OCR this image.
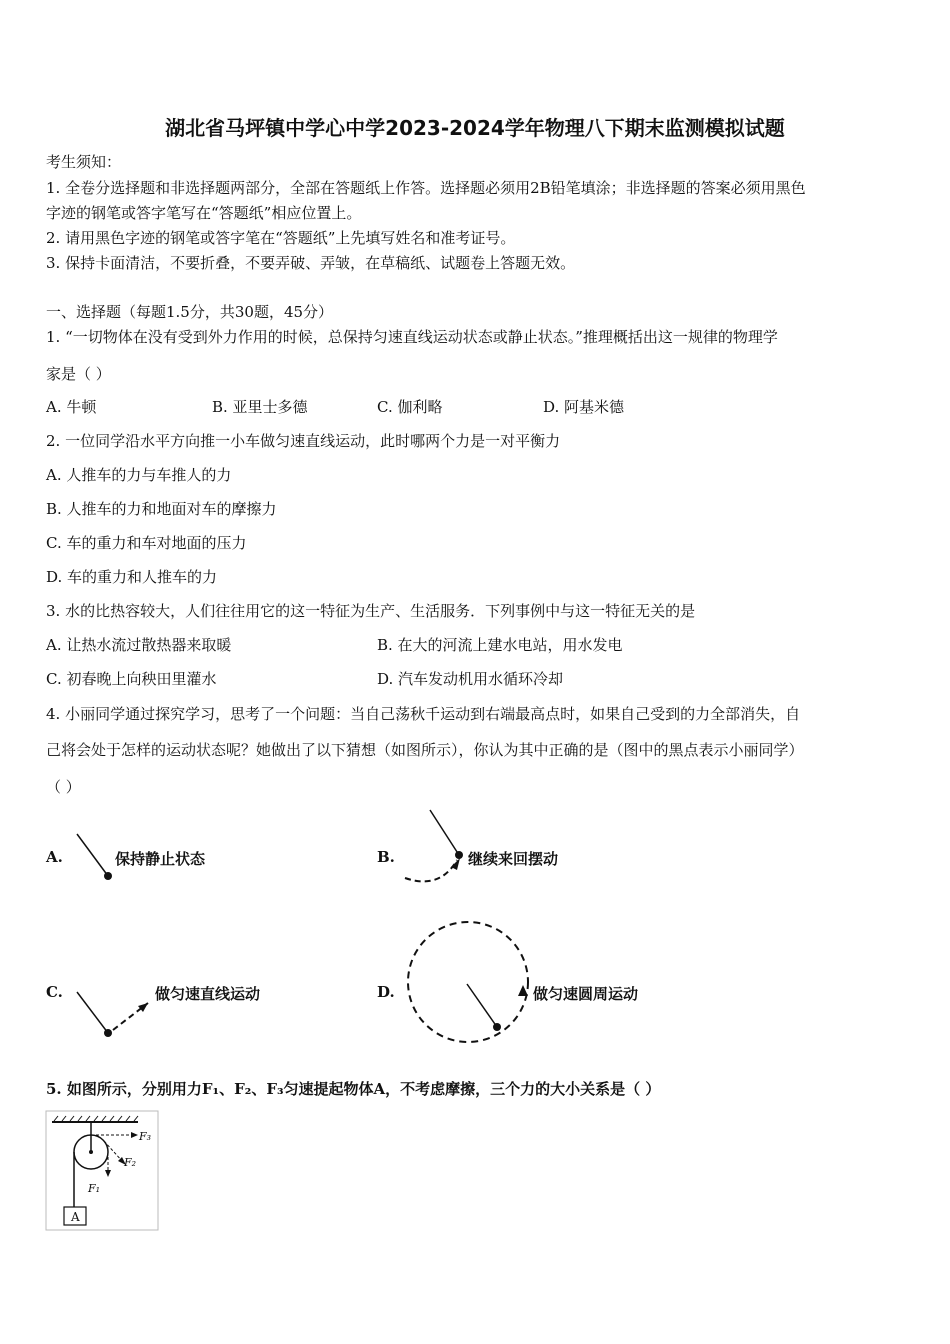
湖北省马坪镇中学心中学2023-2024学年物理八下期末监测模拟试题
考生须知：
1. 全卷分选择题和非选择题两部分，全部在答题纸上作答。选择题必须用2B铅笔填涂；非选择题的答案必须用黑色
字迹的钢笔或答字笔写在“答题纸”相应位置上。
2. 请用黑色字迹的钢笔或答字笔在“答题纸”上先填写姓名和准考证号。
3. 保持卡面清洁，不要折叠，不要弄破、弄皱，在草稿纸、试题卷上答题无效。
一、选择题（每题1.5分，共30题，45分）
1. “一切物体在没有受到外力作用的时候，总保持匀速直线运动状态或静止状态。”推理概括出这一规律的物理学
家是（ ）
A. 牛顿	B. 亚里士多德	C. 伽利略	D. 阿基米德
2. 一位同学沿水平方向推一小车做匀速直线运动，此时哪两个力是一对平衡力
A. 人推车的力与车推人的力
B. 人推车的力和地面对车的摩擦力
C. 车的重力和车对地面的压力
D. 车的重力和人推车的力
3. 水的比热容较大，人们往往用它的这一特征为生产、生活服务．下列事例中与这一特征无关的是
A. 让热水流过散热器来取暖	B. 在大的河流上建水电站，用水发电
C. 初春晚上向秧田里灌水	D. 汽车发动机用水循环冷却
4. 小丽同学通过探究学习，思考了一个问题：当自己荡秋千运动到右端最高点时，如果自己受到的力全部消失，自
己将会处于怎样的运动状态呢？她做出了以下猜想（如图所示），你认为其中正确的是（图中的黑点表示小丽同学）
（ ）
A.	保持静止状态	B.	继续来回摆动
C.	做匀速直线运动	D.	做匀速圆周运动
5. 如图所示，分别用力F₁、F₂、F₃匀速提起物体A，不考虑摩擦，三个力的大小关系是（ ）
F₃
F₂
F₁
A
